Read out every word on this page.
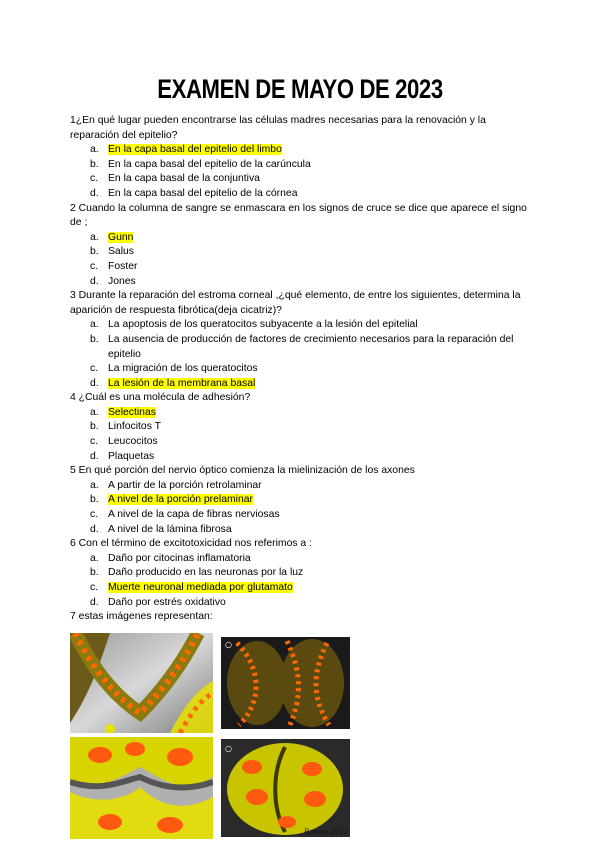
EXAMEN DE MAYO DE 2023

1¿En qué lugar pueden encontrarse las células madres necesarias para la renovación y la reparación del epitelio?

a. En la capa basal del epitelio del limbo
b. En la capa basal del epitelio de la carúncula
c. En la capa basal de la conjuntiva
d. En la capa basal del epitelio de la córnea

2 Cuando la columna de sangre se enmascara en los signos de cruce se dice que aparece el signo de ;

a. Gunn
b. Salus
c. Foster
d. Jones

3 Durante la reparación del estroma corneal ,¿qué elemento, de entre los siguientes, determina la aparición de respuesta fibrótica(deja cicatriz)?

a. La apoptosis de los queratocitos subyacente a la lesión del epitelial
b. La ausencia de producción de factores de crecimiento necesarios para la reparación del epitelio
c. La migración de los queratocitos
d. La lesión de la membrana basal

4 ¿Cuál es una molécula de adhesión?

a. Selectinas
b. Linfocitos T
c. Leucocitos
d. Plaquetas

5 En qué porción del nervio óptico comienza la mielinización de los axones

a. A partir de la porción retrolaminar
b. A nivel de la porción prelaminar
c. A nivel de la capa de fibras nerviosas
d. A nivel de la lámina fibrosa

6 Con el término de excitotoxicidad nos referimos a :

a. Daño por citocinas inflamatoria
b. Daño producido en las neuronas por la luz
c. Muerte neuronal mediada por glutamato
d. Daño por estrés oxidativo

7 estas imágenes representan:

○
○
Ramos 2013
